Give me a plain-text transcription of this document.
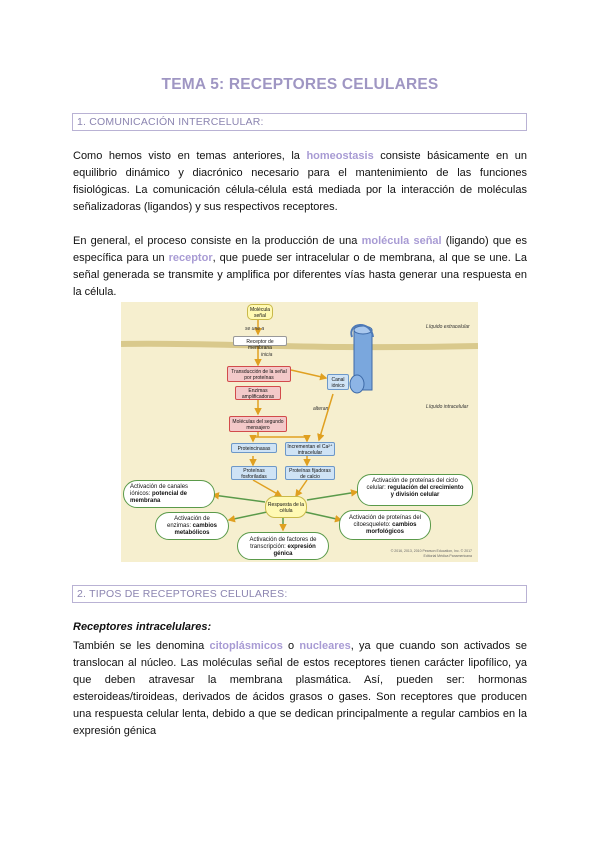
TEMA 5: RECEPTORES CELULARES
1. COMUNICACIÓN INTERCELULAR:
Como hemos visto en temas anteriores, la homeostasis consiste básicamente en un equilibrio dinámico y diacrónico necesario para el mantenimiento de las funciones fisiológicas. La comunicación célula-célula está mediada por la interacción de moléculas señalizadoras (ligandos) y sus respectivos receptores.
En general, el proceso consiste en la producción de una molécula señal (ligando) que es específica para un receptor, que puede ser intracelular o de membrana, al que se une. La señal generada se transmite y amplifica por diferentes vías hasta generar una respuesta en la célula.
Líquido extracelular
Líquido intracelular
Molécula señal
se une a
Receptor de membrana
inicia
Transducción de la señal por proteínas
Enzimas amplificadoras
Canal iónico
alteran
Moléculas del segundo mensajero
Proteincinasas	Incrementan el Ca²⁺ intracelular
Proteínas fosforiladas
Proteínas fijadoras de calcio
Respuesta de la célula
Activación de canales iónicos: potencial de membrana
Activación de enzimas: cambios metabólicos
Activación de factores de transcripción: expresión génica
Activación de proteínas del ciclo celular: regulación del crecimiento y división celular
Activación de proteínas del citoesqueleto: cambios morfológicos
© 2016, 2013, 2010 Pearson Education, Inc. © 2017 Editorial Médica Panamericana
2. TIPOS DE RECEPTORES CELULARES:
Receptores intracelulares:
También se les denomina citoplásmicos o nucleares, ya que cuando son activados se translocan al núcleo. Las moléculas señal de estos receptores tienen carácter lipofílico, ya que deben atravesar la membrana plasmática. Así, pueden ser: hormonas esteroideas/tiroideas, derivados de ácidos grasos o gases. Son receptores que producen una respuesta celular lenta, debido a que se dedican principalmente a regular cambios en la expresión génica
